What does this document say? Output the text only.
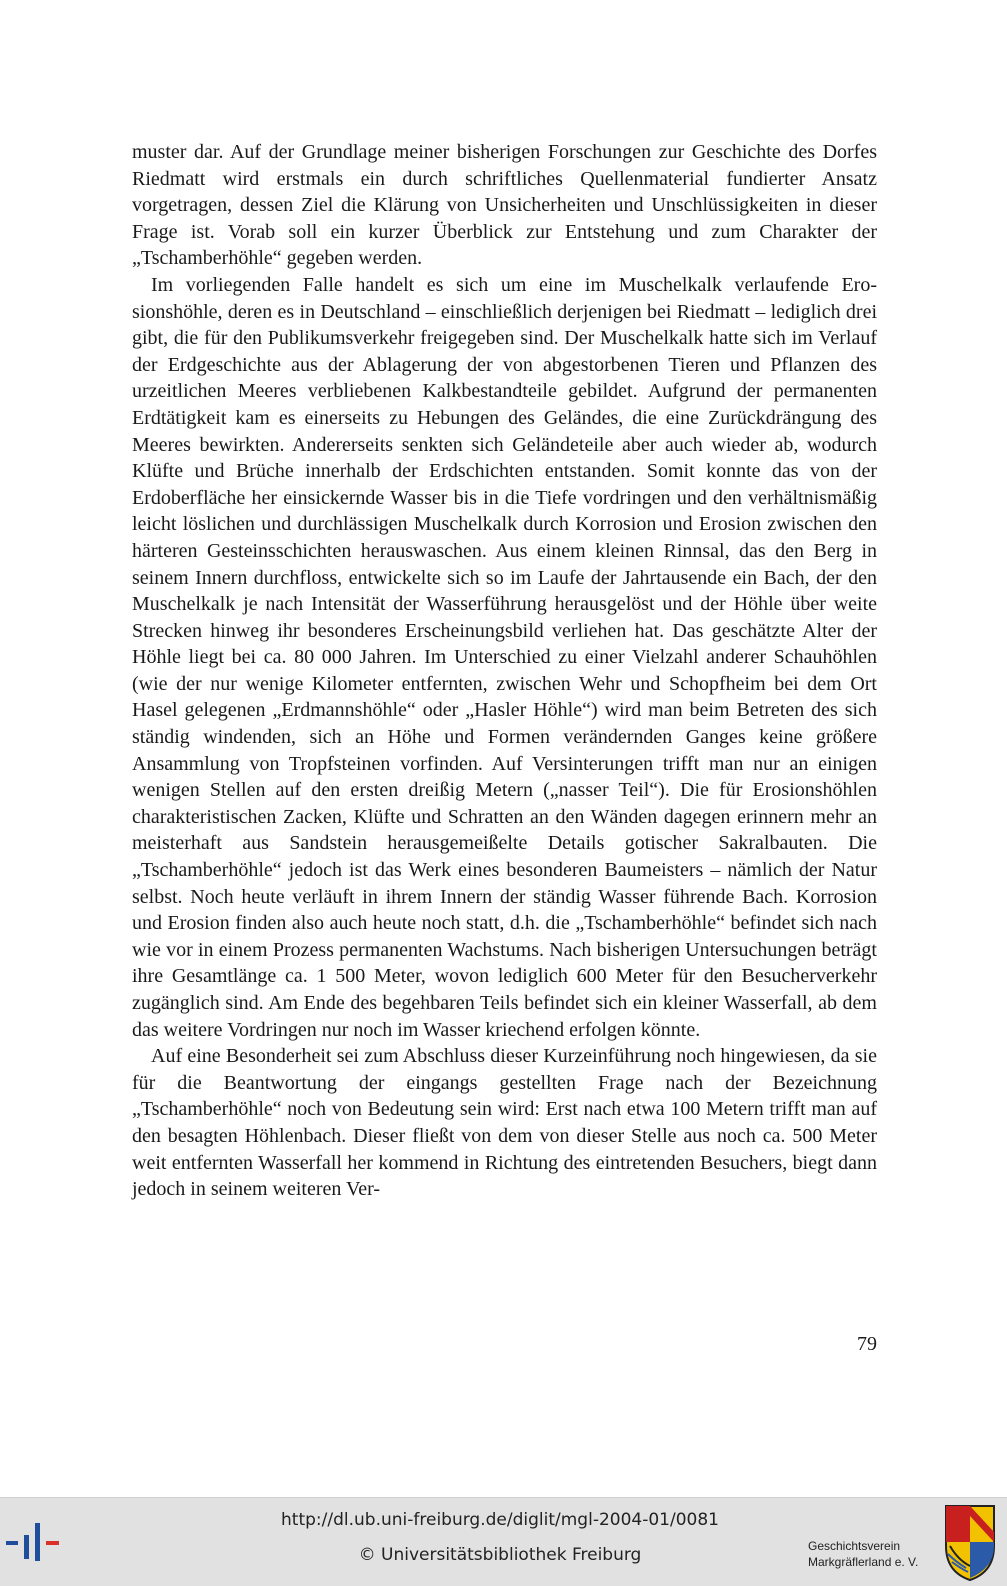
muster dar. Auf der Grundlage meiner bisherigen Forschungen zur Geschichte des Dorfes Riedmatt wird erstmals ein durch schriftliches Quellenmaterial fundierter Ansatz vorgetragen, dessen Ziel die Klärung von Unsicherheiten und Unschlüssigkeiten in dieser Frage ist. Vorab soll ein kurzer Überblick zur Entstehung und zum Charakter der „Tschamberhöhle“ gegeben werden.

Im vorliegenden Falle handelt es sich um eine im Muschelkalk verlaufende Erosionshöhle, deren es in Deutschland – einschließlich derjenigen bei Riedmatt – lediglich drei gibt, die für den Publikumsverkehr freigegeben sind. Der Muschelkalk hatte sich im Verlauf der Erdgeschichte aus der Ablagerung der von abgestorbenen Tieren und Pflanzen des urzeitlichen Meeres verbliebenen Kalkbestandteile gebildet. Aufgrund der permanenten Erdtätigkeit kam es einerseits zu Hebungen des Geländes, die eine Zurückdrängung des Meeres bewirkten. Andererseits senkten sich Geländeteile aber auch wieder ab, wodurch Klüfte und Brüche innerhalb der Erdschichten entstanden. Somit konnte das von der Erdoberfläche her einsickernde Wasser bis in die Tiefe vordringen und den verhältnismäßig leicht löslichen und durchlässigen Muschelkalk durch Korrosion und Erosion zwischen den härteren Gesteinsschichten herauswaschen. Aus einem kleinen Rinnsal, das den Berg in seinem Innern durchfloss, entwickelte sich so im Laufe der Jahrtausende ein Bach, der den Muschelkalk je nach Intensität der Wasserführung herausgelöst und der Höhle über weite Strecken hinweg ihr besonderes Erscheinungsbild verliehen hat. Das geschätzte Alter der Höhle liegt bei ca. 80 000 Jahren. Im Unterschied zu einer Vielzahl anderer Schauhöhlen (wie der nur wenige Kilometer entfernten, zwischen Wehr und Schopfheim bei dem Ort Hasel gelegenen „Erdmannshöhle“ oder „Hasler Höhle“) wird man beim Betreten des sich ständig windenden, sich an Höhe und Formen verändernden Ganges keine größere Ansammlung von Tropfsteinen vorfinden. Auf Versinterungen trifft man nur an einigen wenigen Stellen auf den ersten dreißig Metern („nasser Teil“). Die für Erosionshöhlen charakteristischen Zacken, Klüfte und Schratten an den Wänden dagegen erinnern mehr an meisterhaft aus Sandstein herausgemeißelte Details gotischer Sakralbauten. Die „Tschamberhöhle“ jedoch ist das Werk eines besonderen Baumeisters – nämlich der Natur selbst. Noch heute verläuft in ihrem Innern der ständig Wasser führende Bach. Korrosion und Erosion finden also auch heute noch statt, d.h. die „Tschamberhöhle“ befindet sich nach wie vor in einem Prozess permanenten Wachstums. Nach bisherigen Untersuchungen beträgt ihre Gesamtlänge ca. 1 500 Meter, wovon lediglich 600 Meter für den Besucherverkehr zugänglich sind. Am Ende des begehbaren Teils befindet sich ein kleiner Wasserfall, ab dem das weitere Vordringen nur noch im Wasser kriechend erfolgen könnte.

Auf eine Besonderheit sei zum Abschluss dieser Kurzeinführung noch hingewiesen, da sie für die Beantwortung der eingangs gestellten Frage nach der Bezeichnung „Tschamberhöhle“ noch von Bedeutung sein wird: Erst nach etwa 100 Metern trifft man auf den besagten Höhlenbach. Dieser fließt von dem von dieser Stelle aus noch ca. 500 Meter weit entfernten Wasserfall her kommend in Richtung des eintretenden Besuchers, biegt dann jedoch in seinem weiteren Ver-

79
http://dl.ub.uni-freiburg.de/diglit/mgl-2004-01/0081
© Universitätsbibliothek Freiburg	Geschichtsverein
Markgräflerland e. V.
